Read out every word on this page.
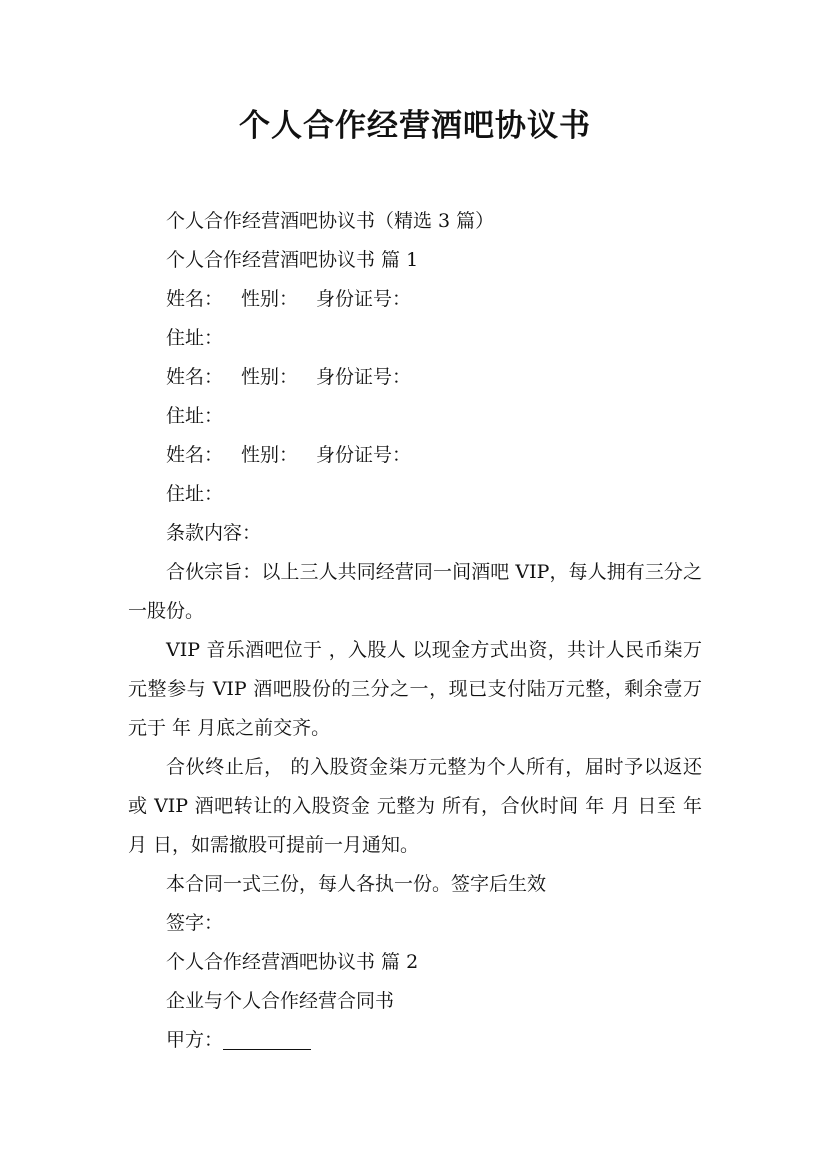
个人合作经营酒吧协议书

个人合作经营酒吧协议书（精选 3 篇）

个人合作经营酒吧协议书 篇 1

姓名： 性别： 身份证号：

住址：

姓名： 性别： 身份证号：

住址：

姓名： 性别： 身份证号：

住址：

条款内容：

合伙宗旨：以上三人共同经营同一间酒吧 VIP，每人拥有三分之一股份。

VIP 音乐酒吧位于 ，入股人 以现金方式出资，共计人民币柒万元整参与 VIP 酒吧股份的三分之一，现已支付陆万元整，剩余壹万元于 年 月底之前交齐。

合伙终止后， 的入股资金柒万元整为个人所有，届时予以返还或 VIP 酒吧转让的入股资金 元整为 所有，合伙时间 年 月 日至 年 月 日，如需撤股可提前一月通知。

本合同一式三份，每人各执一份。签字后生效

签字：

个人合作经营酒吧协议书 篇 2

企业与个人合作经营合同书

甲方：
